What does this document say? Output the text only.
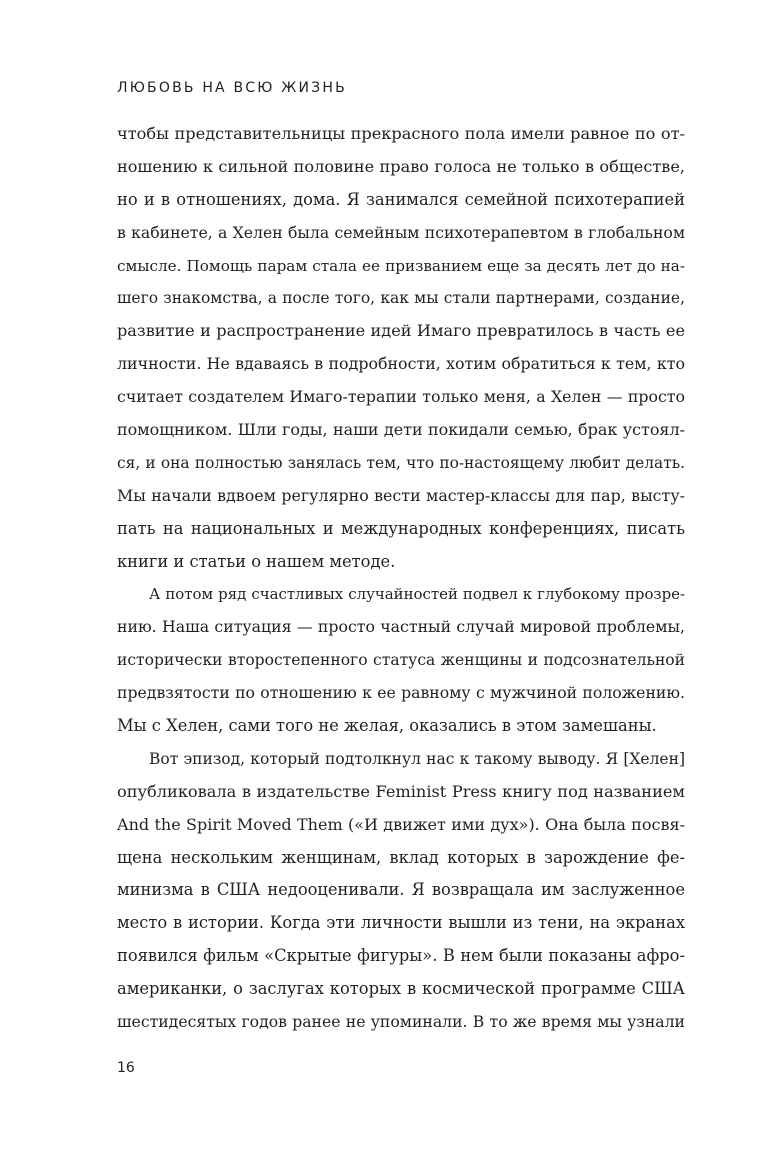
ЛЮБОВЬ НА ВСЮ ЖИЗНЬ
чтобы представительницы прекрасного пола имели равное по от-
ношению к сильной половине право голоса не только в обществе,
но и в отношениях, дома. Я занимался семейной психотерапией
в кабинете, а Хелен была семейным психотерапевтом в глобальном
смысле. Помощь парам стала ее призванием еще за десять лет до на-
шего знакомства, а после того, как мы стали партнерами, создание,
развитие и распространение идей Имаго превратилось в часть ее
личности. Не вдаваясь в подробности, хотим обратиться к тем, кто
считает создателем Имаго-терапии только меня, а Хелен — просто
помощником. Шли годы, наши дети покидали семью, брак устоял-
ся, и она полностью занялась тем, что по-настоящему любит делать.
Мы начали вдвоем регулярно вести мастер-классы для пар, высту-
пать на национальных и международных конференциях, писать
книги и статьи о нашем методе.
А потом ряд счастливых случайностей подвел к глубокому прозре-
нию. Наша ситуация — просто частный случай мировой проблемы,
исторически второстепенного статуса женщины и подсознательной
предвзятости по отношению к ее равному с мужчиной положению.
Мы с Хелен, сами того не желая, оказались в этом замешаны.
Вот эпизод, который подтолкнул нас к такому выводу. Я [Хелен]
опубликовала в издательстве Feminist Press книгу под названием
And the Spirit Moved Them («И движет ими дух»). Она была посвя-
щена нескольким женщинам, вклад которых в зарождение фе-
минизма в США недооценивали. Я возвращала им заслуженное
место в истории. Когда эти личности вышли из тени, на экранах
появился фильм «Скрытые фигуры». В нем были показаны афро-
американки, о заслугах которых в космической программе США
шестидесятых годов ранее не упоминали. В то же время мы узнали
16
